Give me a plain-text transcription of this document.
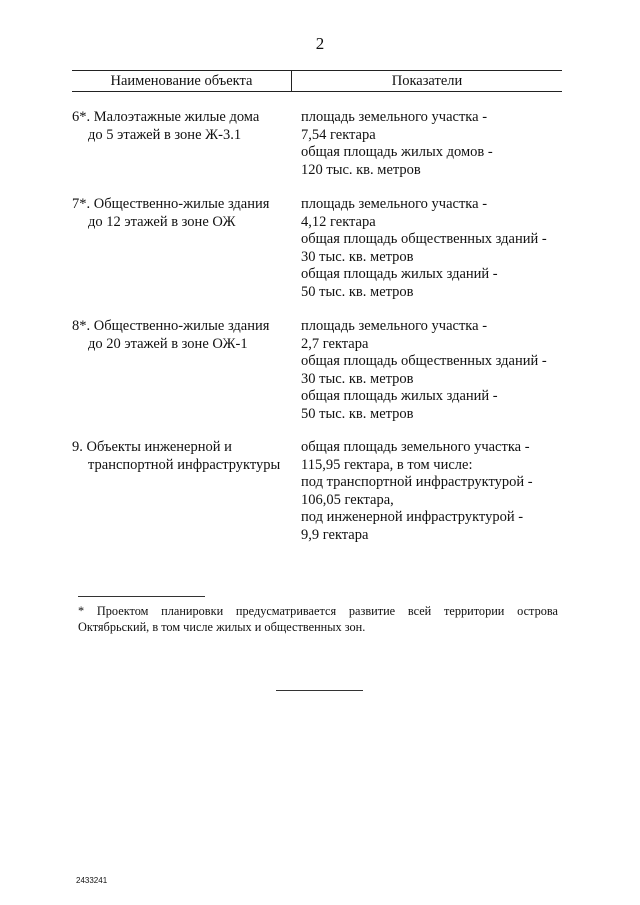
2
Наименование объекта	Показатели
6*. Малоэтажные жилые дома
до 5 этажей в зоне Ж-3.1
площадь земельного участка -
7,54 гектара
общая площадь жилых домов -
120 тыс. кв. метров
7*. Общественно-жилые здания
до 12 этажей в зоне ОЖ
площадь земельного участка -
4,12 гектара
общая площадь общественных зданий -
30 тыс. кв. метров
общая площадь жилых зданий -
50 тыс. кв. метров
8*. Общественно-жилые здания
до 20 этажей в зоне ОЖ-1
площадь земельного участка -
2,7 гектара
общая площадь общественных зданий -
30 тыс. кв. метров
общая площадь жилых зданий -
50 тыс. кв. метров
9. Объекты инженерной и
транспортной инфраструктуры
общая площадь земельного участка -
115,95 гектара, в том числе:
под транспортной инфраструктурой -
106,05 гектара,
под инженерной инфраструктурой -
9,9 гектара
* Проектом планировки предусматривается развитие всей территории острова Октябрьский, в том числе жилых и общественных зон.
2433241
